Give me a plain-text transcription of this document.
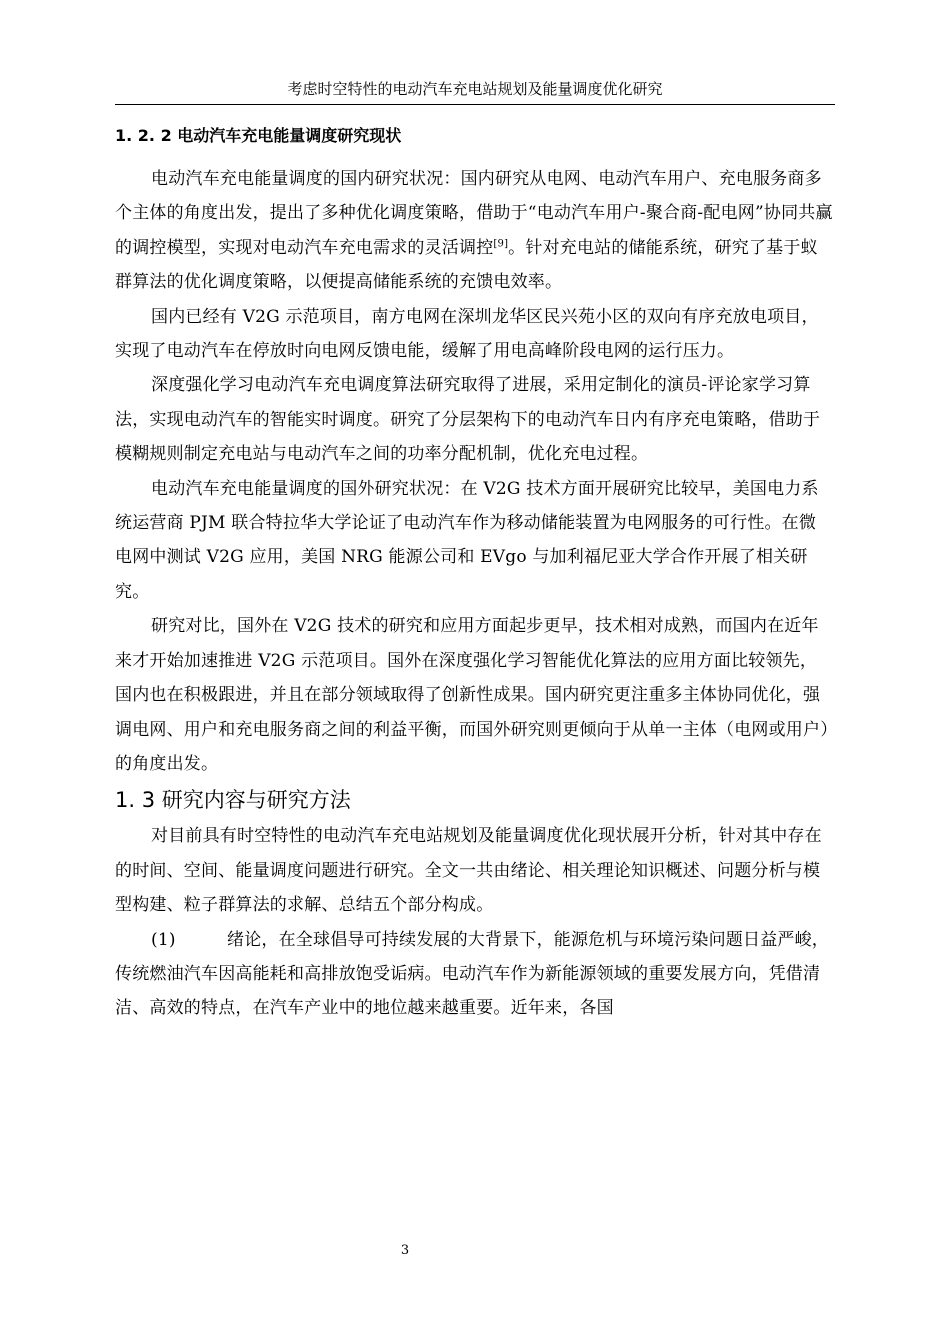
考虑时空特性的电动汽车充电站规划及能量调度优化研究
1. 2. 2 电动汽车充电能量调度研究现状

电动汽车充电能量调度的国内研究状况：国内研究从电网、电动汽车用户、充电服务商多个主体的角度出发，提出了多种优化调度策略，借助于“电动汽车用户-聚合商-配电网”协同共赢的调控模型，实现对电动汽车充电需求的灵活调控[9]。针对充电站的储能系统，研究了基于蚁群算法的优化调度策略，以便提高储能系统的充馈电效率。

国内已经有 V2G 示范项目，南方电网在深圳龙华区民兴苑小区的双向有序充放电项目，实现了电动汽车在停放时向电网反馈电能，缓解了用电高峰阶段电网的运行压力。

深度强化学习电动汽车充电调度算法研究取得了进展，采用定制化的演员-评论家学习算法，实现电动汽车的智能实时调度。研究了分层架构下的电动汽车日内有序充电策略，借助于模糊规则制定充电站与电动汽车之间的功率分配机制，优化充电过程。

电动汽车充电能量调度的国外研究状况：在 V2G 技术方面开展研究比较早，美国电力系统运营商 PJM 联合特拉华大学论证了电动汽车作为移动储能装置为电网服务的可行性。在微电网中测试 V2G 应用，美国 NRG 能源公司和 EVgo 与加利福尼亚大学合作开展了相关研究。

研究对比，国外在 V2G 技术的研究和应用方面起步更早，技术相对成熟，而国内在近年来才开始加速推进 V2G 示范项目。国外在深度强化学习智能优化算法的应用方面比较领先，国内也在积极跟进，并且在部分领域取得了创新性成果。国内研究更注重多主体协同优化，强调电网、用户和充电服务商之间的利益平衡，而国外研究则更倾向于从单一主体（电网或用户）的角度出发。

1. 3 研究内容与研究方法

对目前具有时空特性的电动汽车充电站规划及能量调度优化现状展开分析，针对其中存在的时间、空间、能量调度问题进行研究。全文一共由绪论、相关理论知识概述、问题分析与模型构建、粒子群算法的求解、总结五个部分构成。

(1)	绪论，在全球倡导可持续发展的大背景下，能源危机与环境污染问题日益严峻，传统燃油汽车因高能耗和高排放饱受诟病。电动汽车作为新能源领域的重要发展方向，凭借清洁、高效的特点，在汽车产业中的地位越来越重要。近年来，各国

3
